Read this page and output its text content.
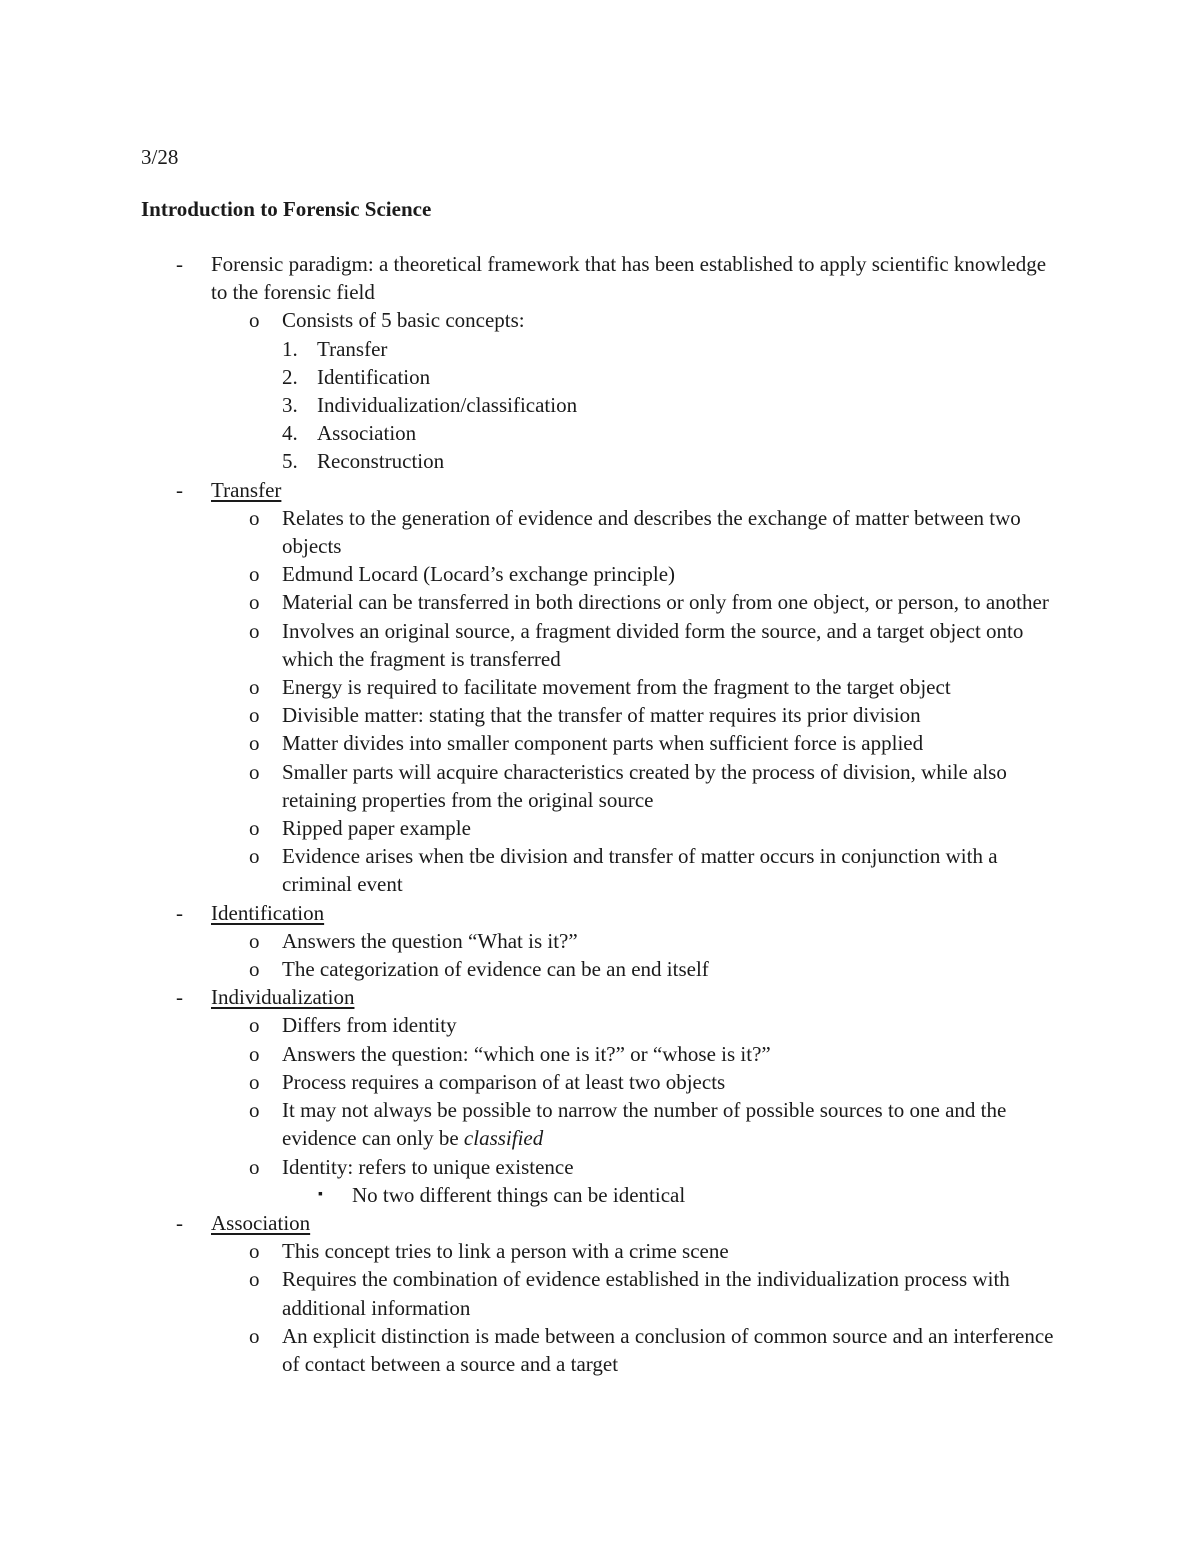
3/28
Introduction to Forensic Science
- Forensic paradigm: a theoretical framework that has been established to apply scientific knowledge to the forensic field
o Consists of 5 basic concepts:
1. Transfer
2. Identification
3. Individualization/classification
4. Association
5. Reconstruction
- Transfer
o Relates to the generation of evidence and describes the exchange of matter between two objects
o Edmund Locard (Locard’s exchange principle)
o Material can be transferred in both directions or only from one object, or person, to another
o Involves an original source, a fragment divided form the source, and a target object onto which the fragment is transferred
o Energy is required to facilitate movement from the fragment to the target object
o Divisible matter: stating that the transfer of matter requires its prior division
o Matter divides into smaller component parts when sufficient force is applied
o Smaller parts will acquire characteristics created by the process of division, while also retaining properties from the original source
o Ripped paper example
o Evidence arises when tbe division and transfer of matter occurs in conjunction with a criminal event
- Identification
o Answers the question “What is it?”
o The categorization of evidence can be an end itself
- Individualization
o Differs from identity
o Answers the question: “which one is it?” or “whose is it?”
o Process requires a comparison of at least two objects
o It may not always be possible to narrow the number of possible sources to one and the evidence can only be classified
o Identity: refers to unique existence
▪ No two different things can be identical
- Association
o This concept tries to link a person with a crime scene
o Requires the combination of evidence established in the individualization process with additional information
o An explicit distinction is made between a conclusion of common source and an interference of contact between a source and a target
